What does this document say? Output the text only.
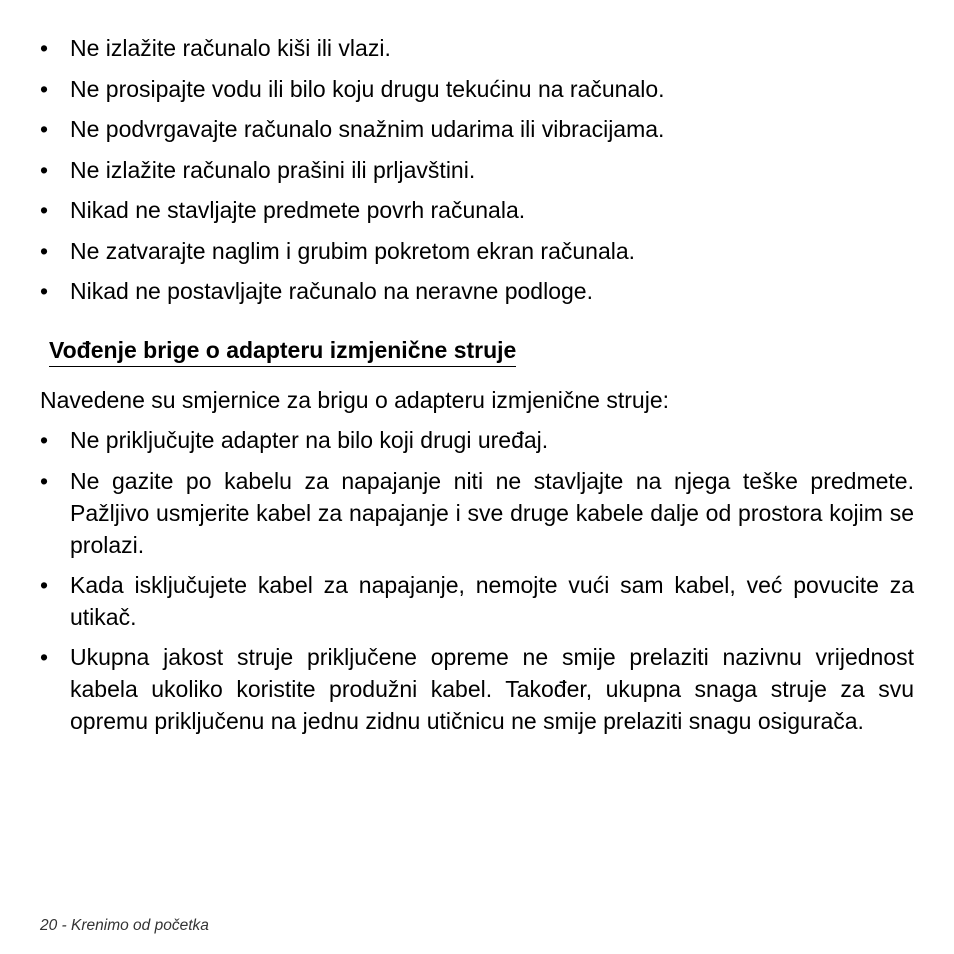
• Ne izlažite računalo kiši ili vlazi.
• Ne prosipajte vodu ili bilo koju drugu tekućinu na računalo.
• Ne podvrgavajte računalo snažnim udarima ili vibracijama.
• Ne izlažite računalo prašini ili prljavštini.
• Nikad ne stavljajte predmete povrh računala.
• Ne zatvarajte naglim i grubim pokretom ekran računala.
• Nikad ne postavljajte računalo na neravne podloge.
Vođenje brige o adapteru izmjenične struje
Navedene su smjernice za brigu o adapteru izmjenične struje:
• Ne priključujte adapter na bilo koji drugi uređaj.
• Ne gazite po kabelu za napajanje niti ne stavljajte na njega teške predmete. Pažljivo usmjerite kabel za napajanje i sve druge kabele dalje od prostora kojim se prolazi.
• Kada isključujete kabel za napajanje, nemojte vući sam kabel, već povucite za utikač.
• Ukupna jakost struje priključene opreme ne smije prelaziti nazivnu vrijednost kabela ukoliko koristite produžni kabel. Također, ukupna snaga struje za svu opremu priključenu na jednu zidnu utičnicu ne smije prelaziti snagu osigurača.
20 - Krenimo od početka
